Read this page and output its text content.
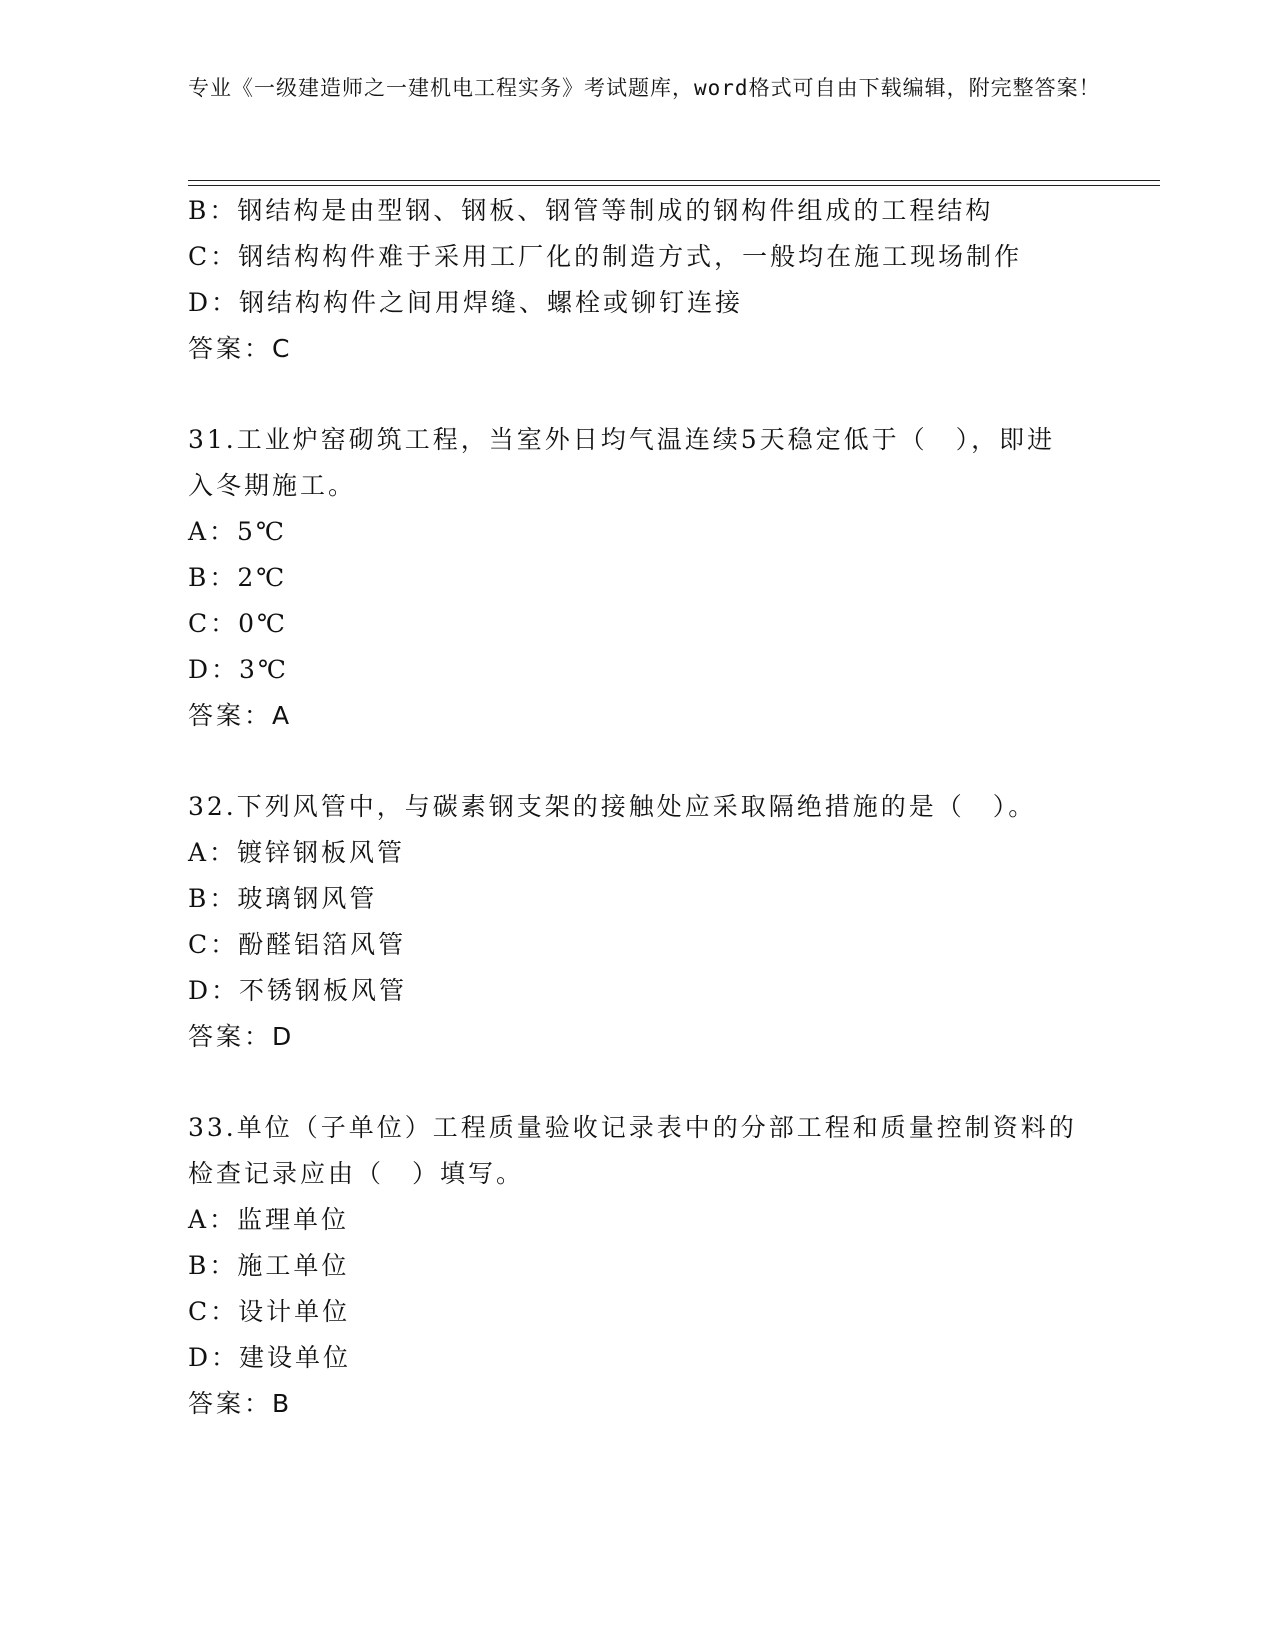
专业《一级建造师之一建机电工程实务》考试题库，word格式可自由下载编辑，附完整答案！
B：钢结构是由型钢、钢板、钢管等制成的钢构件组成的工程结构
C：钢结构构件难于采用工厂化的制造方式，一般均在施工现场制作
D：钢结构构件之间用焊缝、螺栓或铆钉连接
答案：C
31.工业炉窑砌筑工程，当室外日均气温连续5天稳定低于（　），即进入冬期施工。
A：5℃
B：2℃
C：0℃
D：3℃
答案：A
32.下列风管中，与碳素钢支架的接触处应采取隔绝措施的是（　）。
A：镀锌钢板风管
B：玻璃钢风管
C：酚醛铝箔风管
D：不锈钢板风管
答案：D
33.单位（子单位）工程质量验收记录表中的分部工程和质量控制资料的检查记录应由（　）填写。
A：监理单位
B：施工单位
C：设计单位
D：建设单位
答案：B
